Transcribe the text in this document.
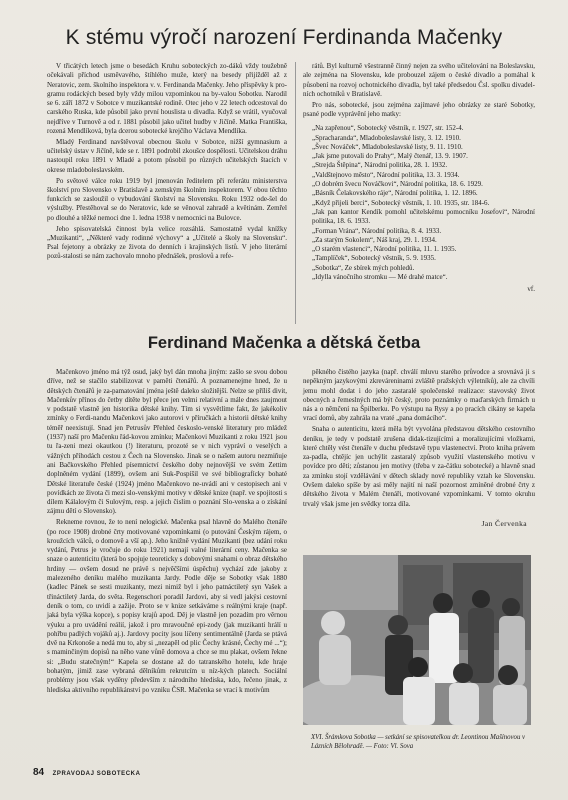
K stému výročí narození Ferdinanda Mačenky

V třicátých letech jsme o besedách Kruhu soboteckých zo-dáků vždy toužebně očekávali příchod usměvavého, štíhlého muže, který na besedy přijížděl až z Neratovic, zem. školního inspektora v. v. Ferdinanda Mačenky. Jeho příspěvky k pro-gramu rodáckých besed byly vždy milou vzpomínkou na by-valou Sobotku. Narodil se 6. září 1872 v Sobotce v muzikantské rodině. Otec jeho v 22 letech odcestoval do carského Ruska, kde působil jako první houslista u divadla. Když se vrátil, vyučoval nejdříve v Turnově a od r. 1881 působil jako učitel hudby v Jičíně. Matka Františka, rozená Mendlíková, byla dcerou sobotecké krejčího Václava Mendlíka.

Mladý Ferdinand navštěvoval obecnou školu v Sobotce, nižší gymnasium a učitelský ústav v Jičíně, kde se r. 1891 podrobil zkoušce dospělosti. Učitelskou dráhu nastoupil roku 1891 v Mladé a potom působil po různých učitelských štacích v okrese mladoboleslavském.

Po světové válce roku 1919 byl jmenován ředitelem při referátu ministerstva školství pro Slovensko v Bratislavě a zemským školním inspektorem. V obou těchto funkcích se zasloužil o vybudování školství na Slovensku. Roku 1932 ode-šel do výslužby. Přestěhoval se do Neratovic, kde se věnoval zahradě a květinám. Zemřel po dlouhé a těžké nemoci dne 1. ledna 1938 v nemocnici na Bulovce.

Jeho spisovatelská činnost byla velice rozsáhlá. Samostatně vydal knížky „Muzikanti“, „Některé vady rodinné výchovy“ a „Učitelé a školy na Slovensku“. Psal fejetony a obrázky ze života do denních i krajinských listů. V jeho literární pozů-stalosti se nám zachovalo mnoho přednášek, proslovů a refe-

rátů. Byl kulturně všestranně činný nejen za svého učitelování na Boleslavsku, ale zejména na Slovensku, kde probouzel zájem o české divadlo a pomáhal k působení na rozvoj ochotnického divadla, byl také předsedou Čsl. spolku divadel-ních ochotníků v Bratislavě.

Pro nás, sobotecké, jsou zejména zajímavé jeho obrázky ze staré Sobotky, psané podle vyprávění jeho matky:

„Na zapřenou“, Sobotecký věstník, r. 1927, str. 152-4.
„Spracharanda“, Mladoboleslavské listy, 3. 12. 1910.
„Švec Nováček“, Mladoboleslavské listy, 9. 11. 1910.
„Jak jsme putovali do Prahy“, Malý čtenář, 13. 9. 1907.
„Strejda Štěpina“, Národní politika, 28. 1. 1932.
„Valdštejnovo město“, Národní politika, 13. 3. 1934.
„O dobrém švecu Nováčkovi“, Národní politika, 18. 6. 1929.
„Básník Čelakovského ráje“, Národní politika, 1. 12. 1896.
„Když přijeli berci“, Sobotecký věstník, 1. 10. 1935, str. 184-6.
„Jak pan kantor Kendík pomohl učitelskému pomocníku Josefovi“, Národní politika, 18. 6. 1933.
„Forman Vrána“, Národní politika, 8. 4. 1933.
„Za starým Sokolem“, Náš kraj, 29. 1. 1934.
„O starém vlastenci“, Národní politika, 11. 1. 1935.
„Tamplíček“, Sobotecký věstník, 5. 9. 1935.
„Sobotka“, Ze sbírek mých pohledů.
„Idylla vánočního stromku — Mé drahé matce“.
vf.
Ferdinand Mačenka a dětská četba

Mačenkovo jméno má týž osud, jaký byl dán mnoha jiným: zašlo se svou dobou dříve, než se stačilo stabilizovat v paměti čtenářů. A poznamenejme hned, že u dětských čtenářů je za-pamatování jména ještě daleko složitější. Nelze se příliš divit, Mačenkův přínos do četby dítěte byl přece jen velmi relativní a mále dnes zaujmout v podstatě vlastně jen historika dětské knihy. Tím si vysvětlíme fakt, že jakékoliv zmínky o Ferdi-nandu Mačenkovi jako autorovi v příručkách a historii dětské knihy téměř neexistují. Snad jen Petrusův Přehled českoslo-venské literatury pro mládež (1937) naší pro Mačenku řád-kovou zmínku; Mačenkovi Muzikanti z roku 1921 jsou tu řa-zeni mezi okautkou (!) literaturu, prozoté se v nich vypráví o veselých a vážných příhodách cestou z Čech na Slovensko. Jinak se o našem autoru nezmiňuje ani Bačkovského Přehled písemnictví českého doby nejnovější ve svém Zettim doplněném vydání (1899), ovšem ani Suk-Pospíšil ve své bibliografícky bohaté Dětské literatuře české (1924) jméno Mačenkovo ne-uvádí ani v cestopisech ani v povídkách ze života či mezi slo-venskými motivy v dětské knize (např. ve spojitosti s dílem Kálalovým či Sulovým, resp. a jejich čislim o poznání Slo-venska a o získání zájmu dětí o Slovensko).

Rekneme rovnou, že to není nelogické. Mačenka psal hlavně do Malého čtenáře (po roce 1908) drobné črty motivované vzpomínkami (o putování Českým rájem, o kroužcích válců, o domově a vší ap.). Jeho knižně vydání Muzikanti (bez udání roku vydání, Petrus je vročuje do roku 1921) nemají valné literární ceny. Mačenka se snaze o autenticitu (která bo spojuje teoreticky s dobovými snahami o obraz dětského hrdiny — ovšem dosud ne právě s nejvěčšími úspěchu) vychází zde jakoby z malezeného deníku malého muzikanta Jardy. Podle děje se Sobotky však 1880 (kadlec Pánek se sesti muzikanty, mezi nimiž byl i jeho patnáctiletý syn Vašek a třináctiletý Jarda, do světa. Regenschori poradil Jardovi, aby si vedl jakýsi cestovní deník o tom, co uvidí a zažije. Proto se v knize setkáváme s reálnými kraje (např. jaká byla výška kopce), s popisy krajů apod. Děj je vlastně jen pozadím pro věrnou výuku a pro uvádění reálií, jakož i pro mravoučné epi-zody (jak muzikanti hrálí u pohřbu padlých vojáků aj.). Jardovy pocity jsou líčeny sentimentálně (Jarda se ptává dvě na Krkonoše a nedá mu to, aby si „nezapěl od plic Čechy krásné, Čechy mé ...“); s maminčiným dopisů na něho vane vůně domova a chce se mu plakat, ovšem řekne si: „Budu statečným!“ Kapela se dostane až do tatranského hotelu, kde hraje bohatým, jimiž zase vybraná dělníkům rekrutcím u níz-kých platech. Sociální problémy jsou však vyděny především z národního hlediska, kdo, řečeno jinak, z hlediska aktivního republikánství po vzniku ČSR. Mačenka se vrací k motivům

pěkného čistého jazyka (např. chválí mluvu starého průvodce a srovnává ji s nepěkným jazykovými zkreváreninami zvláště pražských výletníků), ale za chvíli jemu mohl dodat i do jeho zastaralé společenské realizace: stavovský život obecných a řemeslných má být český, proto poznámky o maďarských firmách u nás a o němčení na Špilberku. Po výstupu na Rysy a po pracích cikány se kapela vrací domů, aby zahrála na vraté „pana domácího“.

Snaha o autenticitu, která měla být vyvolána představou dětského cestovního deníku, je tedy v podstatě zrušena didak-tizujícími a moralizujícími vložkami, které chtěly vést čtenáře v duchu představě typu vlastenectví. Proto kniha právem za-padla, chtějíc jen uchýlit zastaralý způsob využití vlastenského motivu v povídce pro děti; zůstanou jen motivy (třeba v za-čátku sobotecké) a hlavně snad za zmínku stojí vzdělávání v dětech sklady nové republiky vztah ke Slovensku. Ovšem daleko spíše by asi měly najití ni naší pozornost zmíněné drobné črty z dětského života v Malém čtenáři, motivované vzpomínkami. V tomto okruhu trvalý však jsme jen svědky torza díla.

Jan Červenka
XVI. Šrámkova Sobotka — setkání se spisovatelkou dr. Leontinou Mašínovou v Lázních Bělohradě. — Foto: Vl. Sova
84 ZPRAVODAJ SOBOTECKA
